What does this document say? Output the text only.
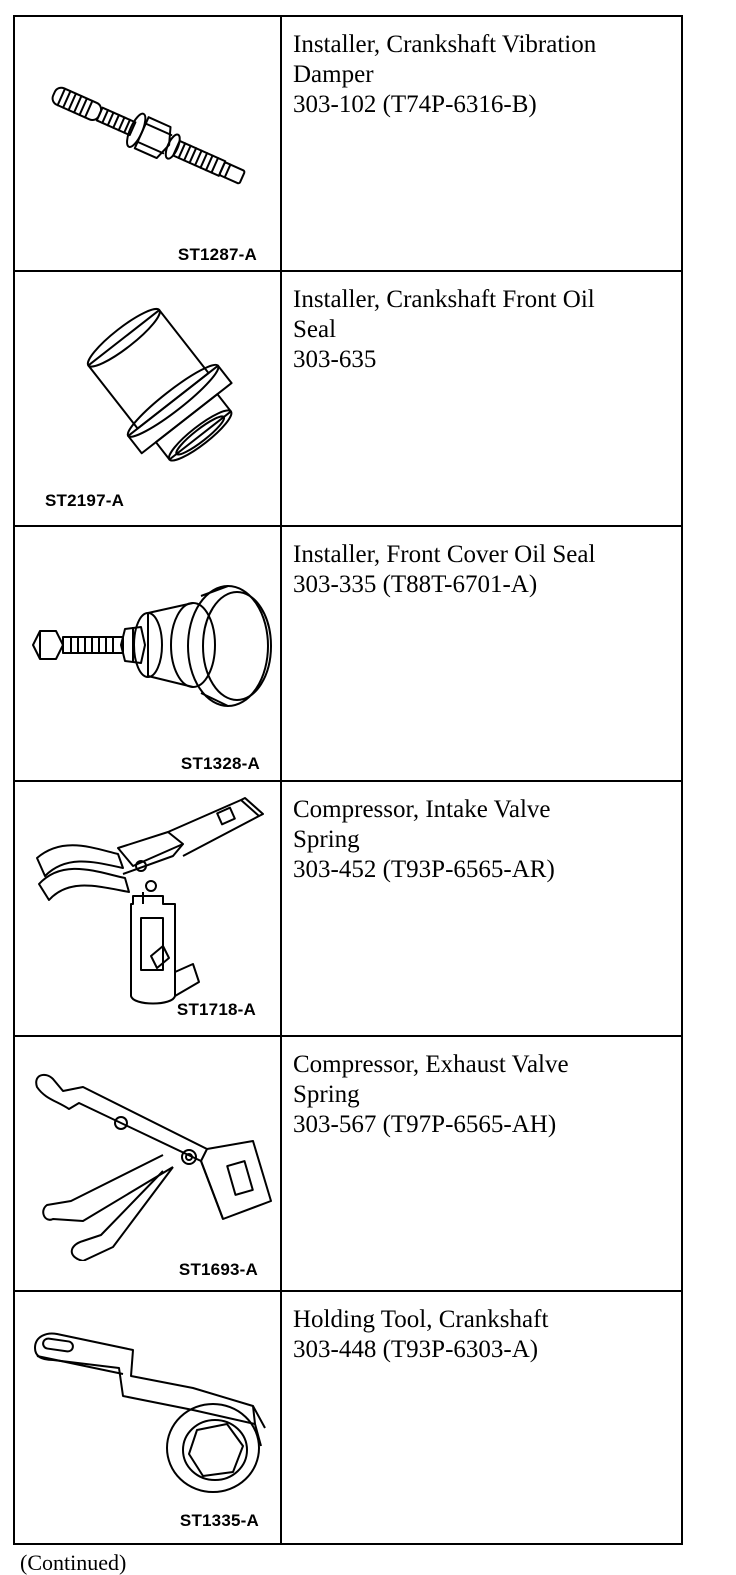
ST1287-A	Installer, Crankshaft Vibration
Damper
303-102 (T74P-6316-B)

ST2197-A	Installer, Crankshaft Front Oil
Seal
303-635

ST1328-A	Installer, Front Cover Oil Seal
303-335 (T88T-6701-A)

ST1718-A	Compressor, Intake Valve
Spring
303-452 (T93P-6565-AR)

ST1693-A	Compressor, Exhaust Valve
Spring
303-567 (T97P-6565-AH)

ST1335-A	Holding Tool, Crankshaft
303-448 (T93P-6303-A)
(Continued)
